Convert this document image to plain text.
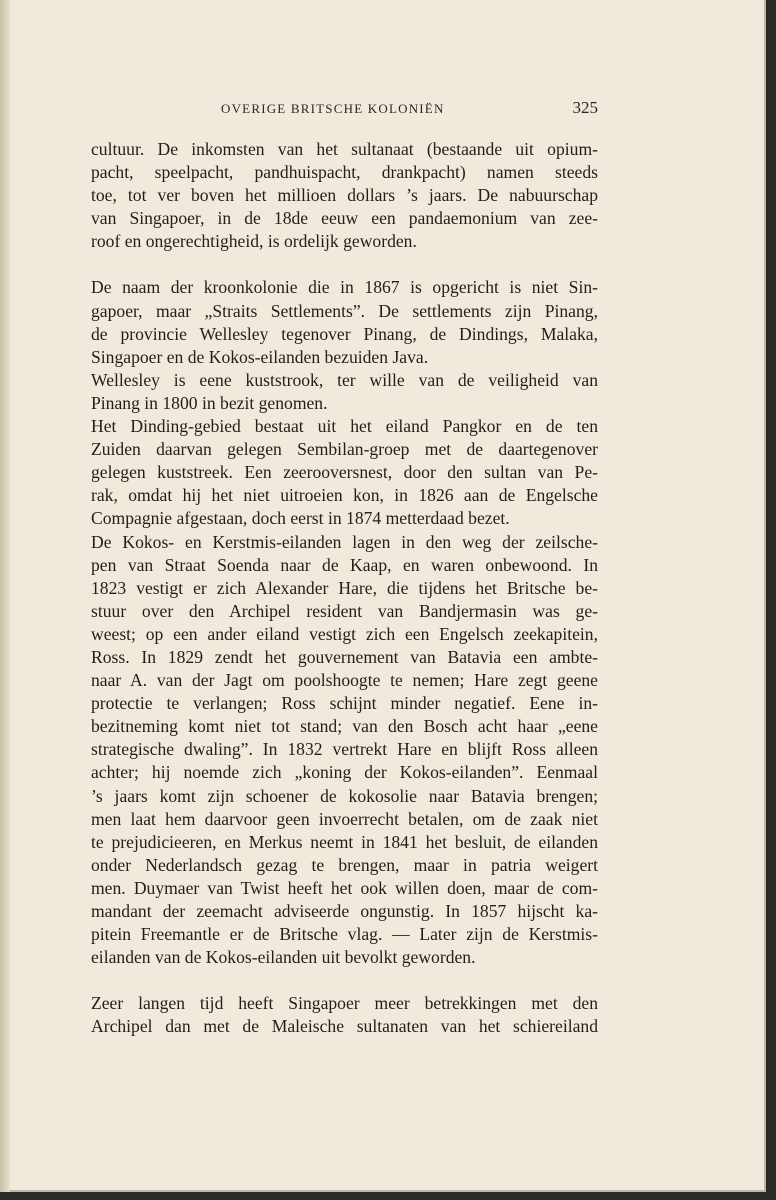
OVERIGE BRITSCHE KOLONIËN	325
cultuur. De inkomsten van het sultanaat (bestaande uit opium-
pacht, speelpacht, pandhuispacht, drankpacht) namen steeds
toe, tot ver boven het millioen dollars ’s jaars. De nabuurschap
van Singapoer, in de 18de eeuw een pandaemonium van zee-
roof en ongerechtigheid, is ordelijk geworden.
De naam der kroonkolonie die in 1867 is opgericht is niet Sin-
gapoer, maar „Straits Settlements”. De settlements zijn Pinang,
de provincie Wellesley tegenover Pinang, de Dindings, Malaka,
Singapoer en de Kokos-eilanden bezuiden Java.
Wellesley is eene kuststrook, ter wille van de veiligheid van
Pinang in 1800 in bezit genomen.
Het Dinding-gebied bestaat uit het eiland Pangkor en de ten
Zuiden daarvan gelegen Sembilan-groep met de daartegenover
gelegen kuststreek. Een zeerooversnest, door den sultan van Pe-
rak, omdat hij het niet uitroeien kon, in 1826 aan de Engelsche
Compagnie afgestaan, doch eerst in 1874 metterdaad bezet.
De Kokos- en Kerstmis-eilanden lagen in den weg der zeilsche-
pen van Straat Soenda naar de Kaap, en waren onbewoond. In
1823 vestigt er zich Alexander Hare, die tijdens het Britsche be-
stuur over den Archipel resident van Bandjermasin was ge-
weest; op een ander eiland vestigt zich een Engelsch zeekapitein,
Ross. In 1829 zendt het gouvernement van Batavia een ambte-
naar A. van der Jagt om poolshoogte te nemen; Hare zegt geene
protectie te verlangen; Ross schijnt minder negatief. Eene in-
bezitneming komt niet tot stand; van den Bosch acht haar „eene
strategische dwaling”. In 1832 vertrekt Hare en blijft Ross alleen
achter; hij noemde zich „koning der Kokos-eilanden”. Eenmaal
’s jaars komt zijn schoener de kokosolie naar Batavia brengen;
men laat hem daarvoor geen invoerrecht betalen, om de zaak niet
te prejudicieeren, en Merkus neemt in 1841 het besluit, de eilanden
onder Nederlandsch gezag te brengen, maar in patria weigert
men. Duymaer van Twist heeft het ook willen doen, maar de com-
mandant der zeemacht adviseerde ongunstig. In 1857 hijscht ka-
pitein Freemantle er de Britsche vlag. — Later zijn de Kerstmis-
eilanden van de Kokos-eilanden uit bevolkt geworden.
Zeer langen tijd heeft Singapoer meer betrekkingen met den
Archipel dan met de Maleische sultanaten van het schiereiland
